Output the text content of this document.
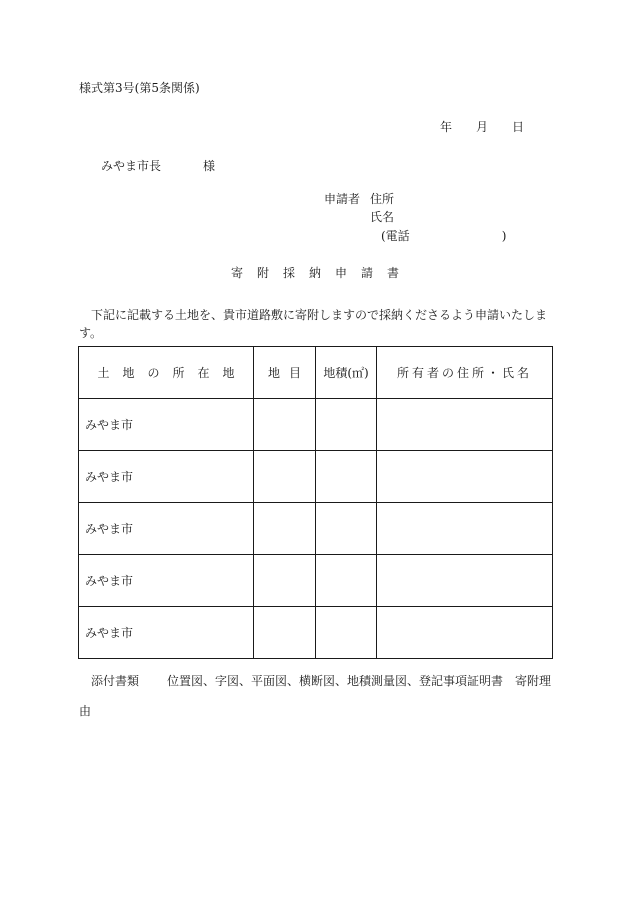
様式第3号(第5条関係)
年 月 日
みやま市長	様
申請者 住所
氏名
(電話	)
寄附採納申請書
下記に記載する土地を、貴市道路敷に寄附しますので採納くださるよう申請いたします。
土地の所在地	地目	地積(㎡)	所有者の住所・氏名
みやま市			
みやま市			
みやま市			
みやま市			
みやま市			
添付書類 位置図、字図、平面図、横断図、地積測量図、登記事項証明書　寄附理由
